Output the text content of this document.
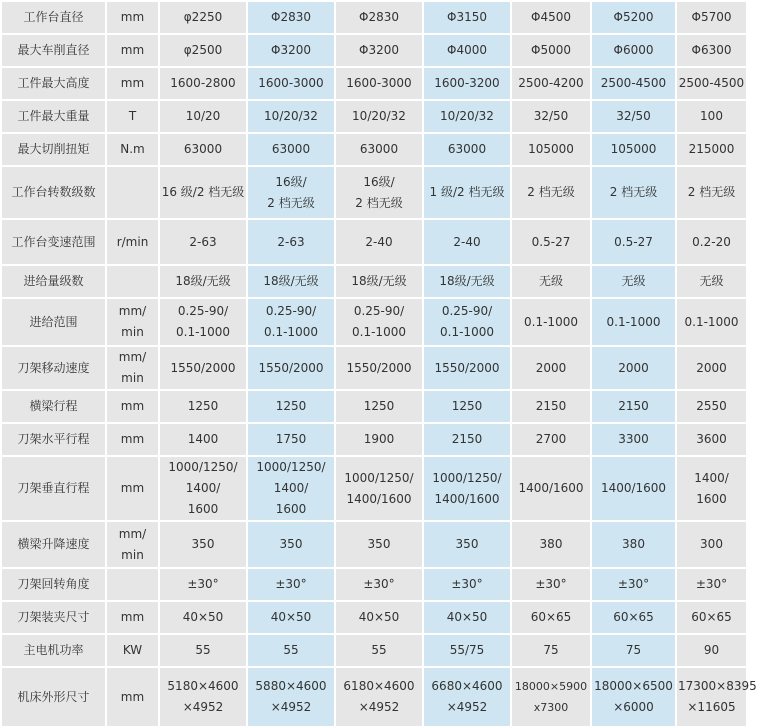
工作台直径	mm	φ2250	Φ2830	Φ2830	Φ3150	Φ4500	Φ5200	Φ5700

最大车削直径	mm	φ2500	Φ3200	Φ3200	Φ4000	Φ5000	Φ6000	Φ6300

工件最大高度	mm	1600-2800	1600-3000	1600-3000	1600-3200	2500-4200	2500-4500	2500-4500

工件最大重量	T	10/20	10/20/32	10/20/32	10/20/32	32/50	32/50	100

最大切削扭矩	N.m	63000	63000	63000	63000	105000	105000	215000

工作台转数级数		16 级/2 档无级	16级/
2 档无级	16级/
2 档无级	1 级/2 档无级	2 档无级	2 档无级	2 档无级

工作台变速范围	r/min	2-63	2-63	2-40	2-40	0.5-27	0.5-27	0.2-20

进给量级数		18级/无级	18级/无级	18级/无级	18级/无级	无级	无级	无级

进给范围	mm/
min	0.25-90/
0.1-1000	0.25-90/
0.1-1000	0.25-90/
0.1-1000	0.25-90/
0.1-1000	0.1-1000	0.1-1000	0.1-1000

刀架移动速度	mm/
min	1550/2000	1550/2000	1550/2000	1550/2000	2000	2000	2000

横梁行程	mm	1250	1250	1250	1250	2150	2150	2550

刀架水平行程	mm	1400	1750	1900	2150	2700	3300	3600

刀架垂直行程	mm	1000/1250/
1400/
1600	1000/1250/
1400/
1600	1000/1250/
1400/1600	1000/1250/
1400/1600	1400/1600	1400/1600	1400/
1600

横梁升降速度	mm/
min	350	350	350	350	380	380	300

刀架回转角度		±30°	±30°	±30°	±30°	±30°	±30°	±30°

刀架装夹尺寸	mm	40×50	40×50	40×50	40×50	60×65	60×65	60×65

主电机功率	KW	55	55	55	55/75	75	75	90

机床外形尺寸	mm	5180×4600
×4952	5880×4600
×4952	6180×4600
×4952	6680×4600
×4952	18000×5900
x7300	18000×6500
×6000	17300×8395
×11605
